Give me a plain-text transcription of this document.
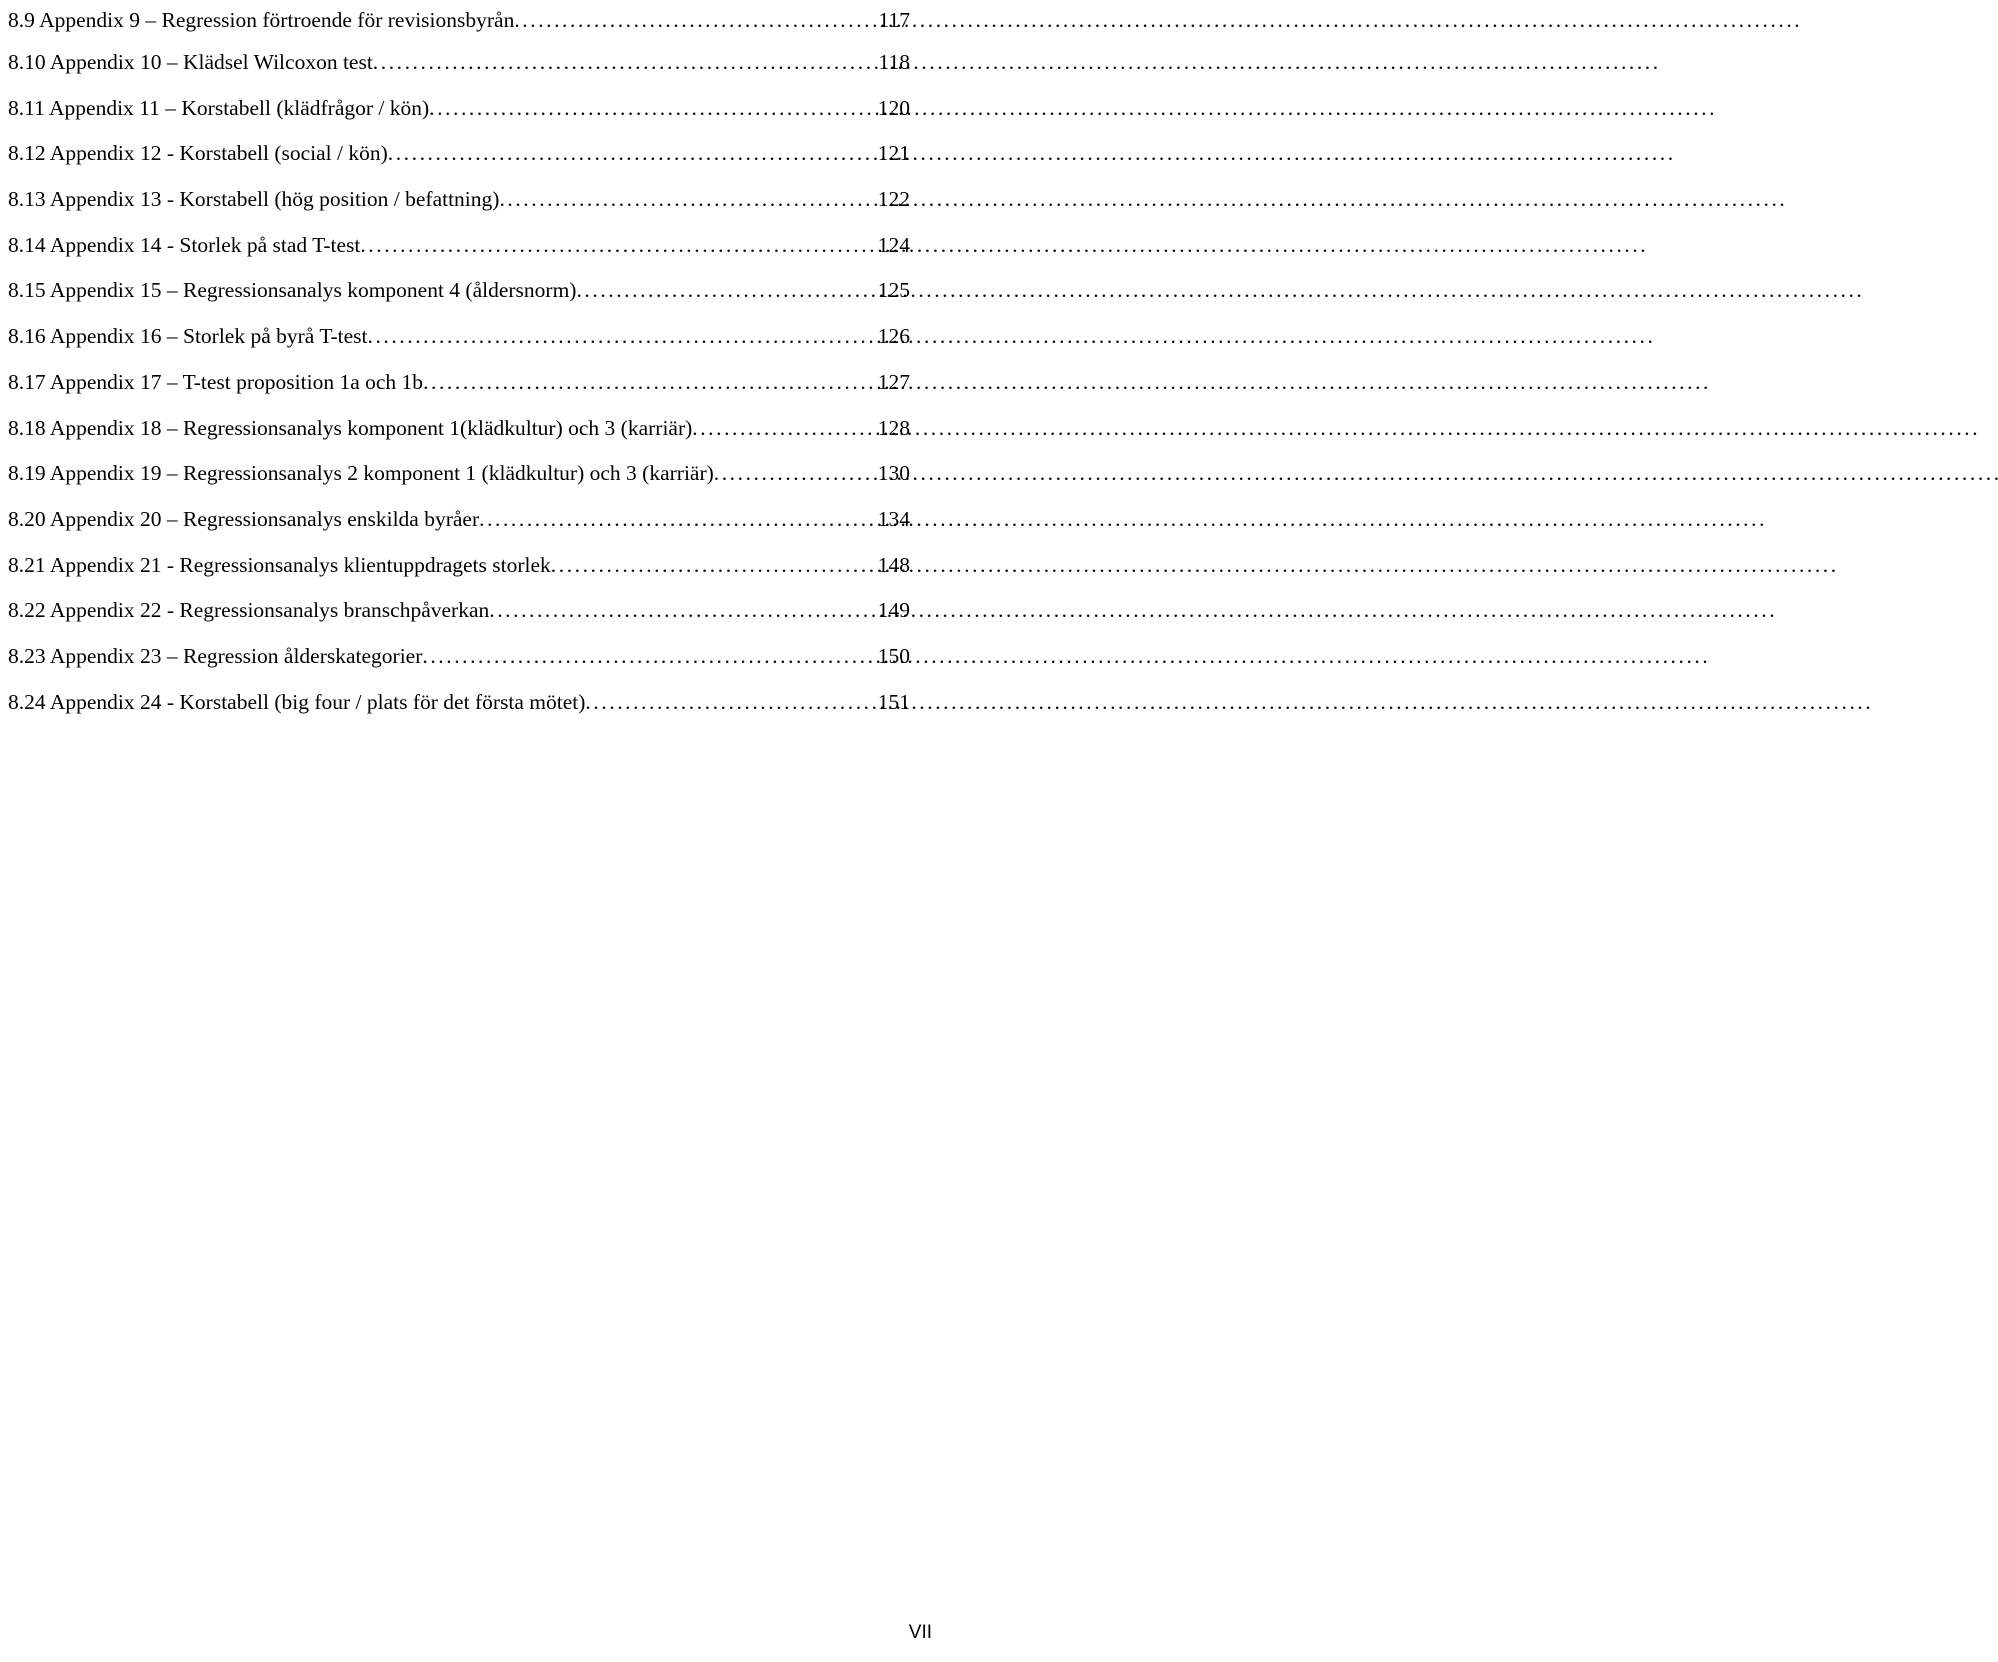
8.9 Appendix 9 – Regression förtroende för revisionsbyrån . . .	117
8.10 Appendix 10 – Klädsel Wilcoxon test . . .	118
8.11 Appendix 11 – Korstabell (klädfrågor / kön) . . .	120
8.12 Appendix 12 - Korstabell (social / kön) . . .	121
8.13 Appendix 13 - Korstabell (hög position / befattning) . . .	122
8.14 Appendix 14 - Storlek på stad T-test . . .	124
8.15 Appendix 15 – Regressionsanalys komponent 4 (åldersnorm) . . .	125
8.16 Appendix 16 – Storlek på byrå T-test . . .	126
8.17 Appendix 17 – T-test proposition 1a och 1b . . .	127
8.18 Appendix 18 – Regressionsanalys komponent 1(klädkultur) och 3 (karriär) . . .	128
8.19 Appendix 19 – Regressionsanalys 2 komponent 1 (klädkultur) och 3 (karriär) . . .	130
8.20 Appendix 20 – Regressionsanalys enskilda byråer . . .	134
8.21 Appendix 21 - Regressionsanalys klientuppdragets storlek . . .	148
8.22 Appendix 22 - Regressionsanalys branschpåverkan . . .	149
8.23 Appendix 23 – Regression ålderskategorier . . .	150
8.24 Appendix 24 - Korstabell (big four / plats för det första mötet) . . .	151
VII
